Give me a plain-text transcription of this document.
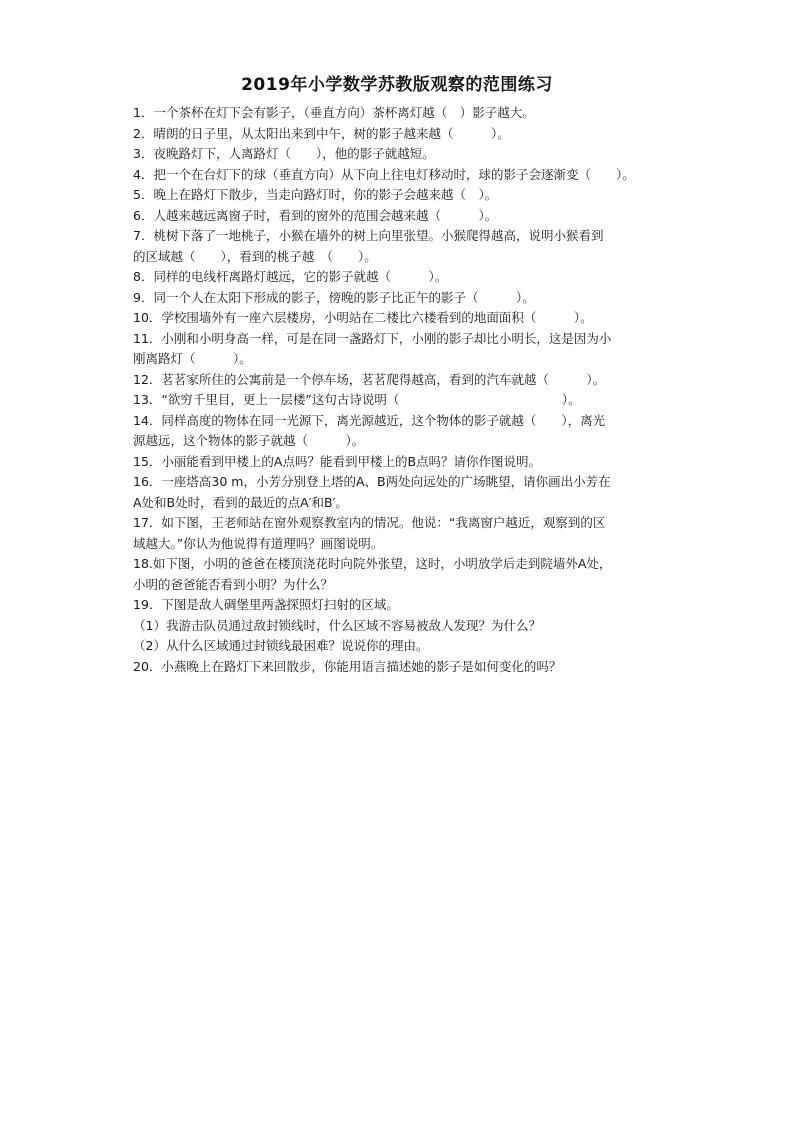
2019年小学数学苏教版观察的范围练习
1．一个茶杯在灯下会有影子，（垂直方向）茶杯离灯越（　）影子越大。
2．晴朗的日子里，从太阳出来到中午，树的影子越来越（　　　）。
3．夜晚路灯下，人离路灯（　　），他的影子就越短。
4．把一个在台灯下的球（垂直方向）从下向上往电灯移动时，球的影子会逐渐变（　　）。
5．晚上在路灯下散步，当走向路灯时，你的影子会越来越（　）。
6．人越来越远离窗子时，看到的窗外的范围会越来越（　　　）。
7．桃树下落了一地桃子，小猴在墙外的树上向里张望。小猴爬得越高，说明小猴看到
的区域越（　　），看到的桃子越　（　　）。
8．同样的电线杆离路灯越远，它的影子就越（　　　）。
9．同一个人在太阳下形成的影子，傍晚的影子比正午的影子（　　　）。
10．学校围墙外有一座六层楼房，小明站在二楼比六楼看到的地面面积（　　　）。
11．小刚和小明身高一样，可是在同一盏路灯下，小刚的影子却比小明长，这是因为小
刚离路灯（　　　）。
12．茗茗家所住的公寓前是一个停车场，茗茗爬得越高，看到的汽车就越（　　　）。
13．“欲穷千里目，更上一层楼”这句古诗说明（　　　　　　　　　　　　　）。
14．同样高度的物体在同一光源下，离光源越近，这个物体的影子就越（　　），离光
源越远，这个物体的影子就越（　　　）。
15．小丽能看到甲楼上的A点吗？能看到甲楼上的B点吗？请你作图说明。
16．一座塔高30 m，小芳分别登上塔的A、B两处向远处的广场眺望，请你画出小芳在
A处和B处时，看到的最近的点A′和B′。
17．如下图，王老师站在窗外观察教室内的情况。他说：“我离窗户越近，观察到的区
域越大。”你认为他说得有道理吗？画图说明。
18.如下图，小明的爸爸在楼顶浇花时向院外张望，这时，小明放学后走到院墙外A处，
小明的爸爸能否看到小明？为什么？
19．下图是敌人碉堡里两盏探照灯扫射的区域。
（1）我游击队员通过敌封锁线时，什么区域不容易被敌人发现？为什么？
（2）从什么区域通过封锁线最困难？说说你的理由。
20．小燕晚上在路灯下来回散步，你能用语言描述她的影子是如何变化的吗？
